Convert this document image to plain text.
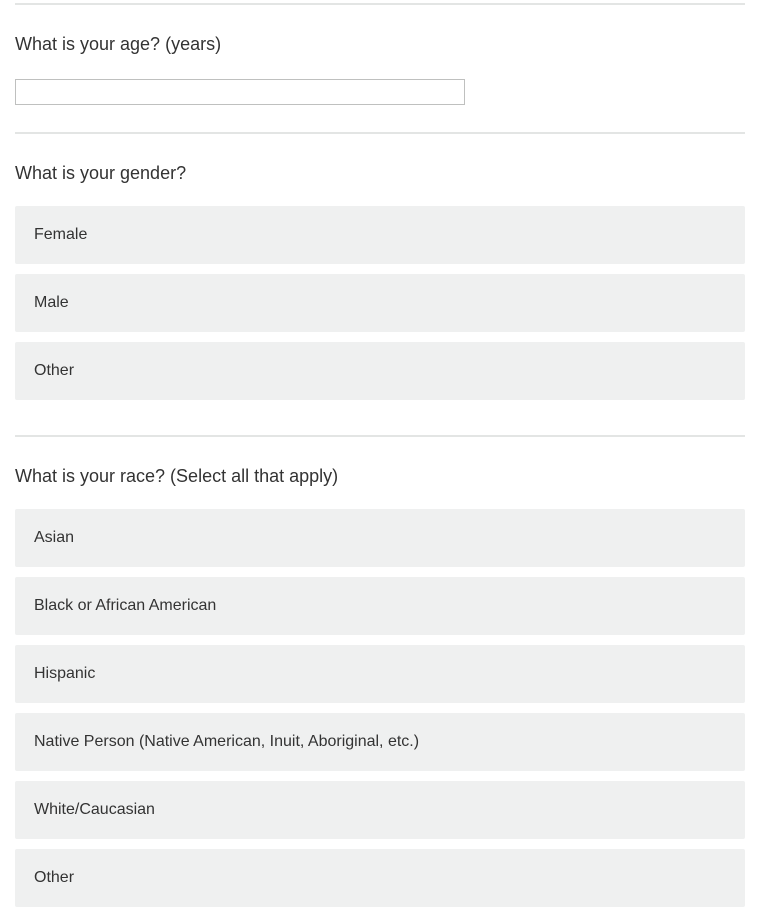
What is your age? (years)
What is your gender?
Female
Male
Other
What is your race? (Select all that apply)
Asian
Black or African American
Hispanic
Native Person (Native American, Inuit, Aboriginal, etc.)
White/Caucasian
Other
